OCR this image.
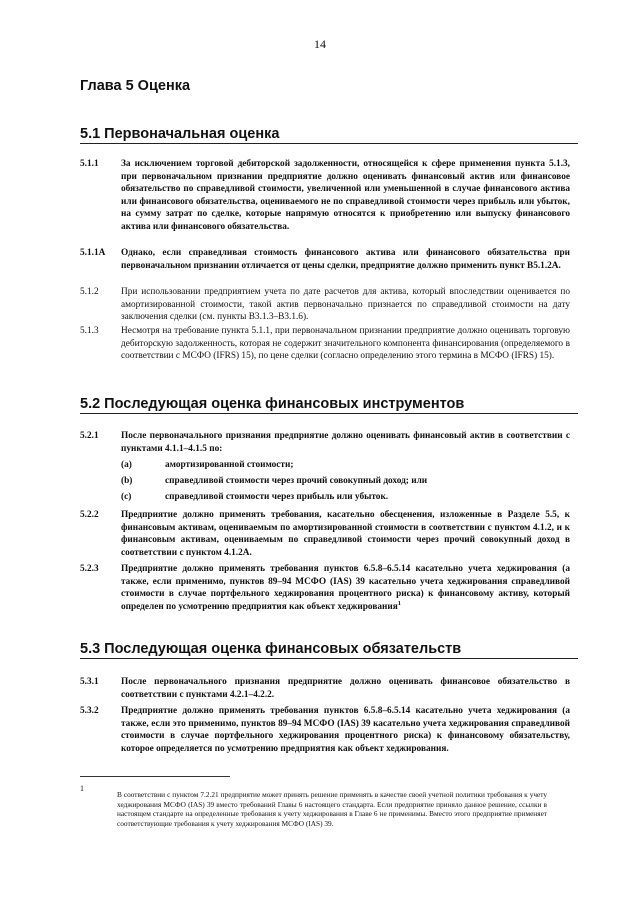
14
Глава 5 Оценка
5.1 Первоначальная оценка
5.1.1	За исключением торговой дебиторской задолженности, относящейся к сфере применения пункта 5.1.3, при первоначальном признании предприятие должно оценивать финансовый актив или финансовое обязательство по справедливой стоимости, увеличенной или уменьшенной в случае финансового актива или финансового обязательства, оцениваемого не по справедливой стоимости через прибыль или убыток, на сумму затрат по сделке, которые напрямую относятся к приобретению или выпуску финансового актива или финансового обязательства.
5.1.1A	Однако, если справедливая стоимость финансового актива или финансового обязательства при первоначальном признании отличается от цены сделки, предприятие должно применить пункт B5.1.2A.
5.1.2	При использовании предприятием учета по дате расчетов для актива, который впоследствии оценивается по амортизированной стоимости, такой актив первоначально признается по справедливой стоимости на дату заключения сделки (см. пункты B3.1.3–B3.1.6).
5.1.3	Несмотря на требование пункта 5.1.1, при первоначальном признании предприятие должно оценивать торговую дебиторскую задолженность, которая не содержит значительного компонента финансирования (определяемого в соответствии с МСФО (IFRS) 15), по цене сделки (согласно определению этого термина в МСФО (IFRS) 15).
5.2 Последующая оценка финансовых инструментов
5.2.1	После первоначального признания предприятие должно оценивать финансовый актив в соответствии с пунктами 4.1.1–4.1.5 по:
(a)	амортизированной стоимости;
(b)	справедливой стоимости через прочий совокупный доход; или
(c)	справедливой стоимости через прибыль или убыток.
5.2.2	Предприятие должно применять требования, касательно обесценения, изложенные в Разделе 5.5, к финансовым активам, оцениваемым по амортизированной стоимости в соответствии с пунктом 4.1.2, и к финансовым активам, оцениваемым по справедливой стоимости через прочий совокупный доход в соответствии с пунктом 4.1.2A.
5.2.3	Предприятие должно применять требования пунктов 6.5.8–6.5.14 касательно учета хеджирования (а также, если применимо, пунктов 89–94 МСФО (IAS) 39 касательно учета хеджирования справедливой стоимости в случае портфельного хеджирования процентного риска) к финансовому активу, который определен по усмотрению предприятия как объект хеджирования$^1$
5.3 Последующая оценка финансовых обязательств
5.3.1	После первоначального признания предприятие должно оценивать финансовое обязательство в соответствии с пунктами 4.2.1–4.2.2.
5.3.2	Предприятие должно применять требования пунктов 6.5.8–6.5.14 касательно учета хеджирования (а также, если это применимо, пунктов 89–94 МСФО (IAS) 39 касательно учета хеджирования справедливой стоимости в случае портфельного хеджирования процентного риска) к финансовому обязательству, которое определяется по усмотрению предприятия как объект хеджирования.
1
В соответствии с пунктом 7.2.21 предприятие может принять решение применять в качестве своей учетной политики требования к учету хеджирования МСФО (IAS) 39 вместо требований Главы 6 настоящего стандарта. Если предприятие приняло данное решение, ссылки в настоящем стандарте на определенные требования к учету хеджирования в Главе 6 не применимы. Вместо этого предприятие применяет соответствующие требования к учету хеджирования МСФО (IAS) 39.
